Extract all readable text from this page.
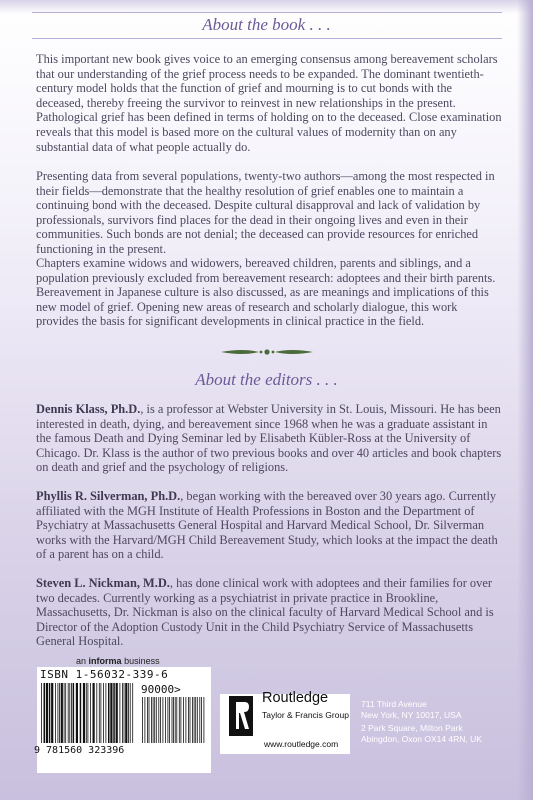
About the book . . .

This important new book gives voice to an emerging consensus among bereavement scholars that our understanding of the grief process needs to be expanded. The dominant twentieth-century model holds that the function of grief and mourning is to cut bonds with the deceased, thereby freeing the survivor to reinvest in new relationships in the present. Pathological grief has been defined in terms of holding on to the deceased. Close examination reveals that this model is based more on the cultural values of modernity than on any substantial data of what people actually do.

Presenting data from several populations, twenty-two authors—among the most respected in their fields—demonstrate that the healthy resolution of grief enables one to maintain a continuing bond with the deceased. Despite cultural disapproval and lack of validation by professionals, survivors find places for the dead in their ongoing lives and even in their communities. Such bonds are not denial; the deceased can provide resources for enriched functioning in the present.

Chapters examine widows and widowers, bereaved children, parents and siblings, and a population previously excluded from bereavement research: adoptees and their birth parents. Bereavement in Japanese culture is also discussed, as are meanings and implications of this new model of grief. Opening new areas of research and scholarly dialogue, this work provides the basis for significant developments in clinical practice in the field.

About the editors . . .

Dennis Klass, Ph.D., is a professor at Webster University in St. Louis, Missouri. He has been interested in death, dying, and bereavement since 1968 when he was a graduate assistant in the famous Death and Dying Seminar led by Elisabeth Kübler-Ross at the University of Chicago. Dr. Klass is the author of two previous books and over 40 articles and book chapters on death and grief and the psychology of religions.

Phyllis R. Silverman, Ph.D., began working with the bereaved over 30 years ago. Currently affiliated with the MGH Institute of Health Professions in Boston and the Department of Psychiatry at Massachusetts General Hospital and Harvard Medical School, Dr. Silverman works with the Harvard/MGH Child Bereavement Study, which looks at the impact the death of a parent has on a child.

Steven L. Nickman, M.D., has done clinical work with adoptees and their families for over two decades. Currently working as a psychiatrist in private practice in Brookline, Massachusetts, Dr. Nickman is also on the clinical faculty of Harvard Medical School and is Director of the Adoption Custody Unit in the Child Psychiatry Service of Massachusetts General Hospital.

an informa business
ISBN 1-56032-339-6
90000>
9 781560 323396

Routledge

Taylor & Francis Group

www.routledge.com

711 Third Avenue
New York, NY 10017, USA
2 Park Square, Milton Park
Abingdon, Oxon OX14 4RN, UK
